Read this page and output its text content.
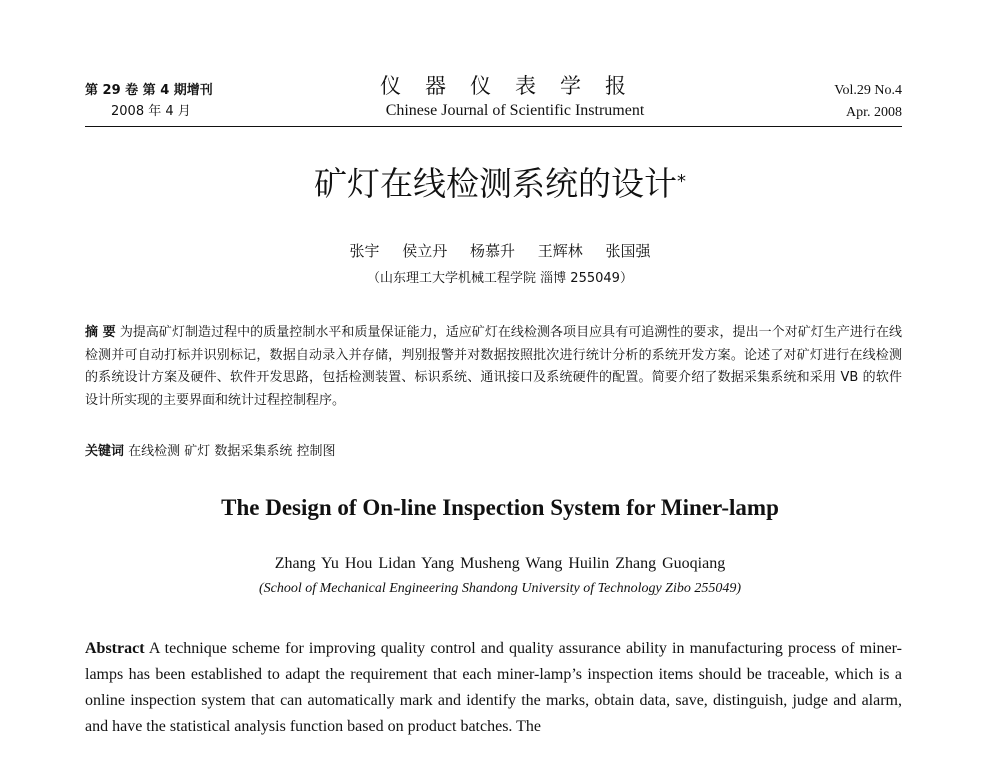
第 29 卷 第 4 期增刊
2008 年 4 月
仪器仪表学报
Chinese Journal of Scientific Instrument
Vol.29 No.4
Apr. 2008
矿灯在线检测系统的设计*
张宇 侯立丹 杨慕升 王辉林 张国强
（山东理工大学机械工程学院 淄博 255049）
摘 要 为提高矿灯制造过程中的质量控制水平和质量保证能力，适应矿灯在线检测各项目应具有可追溯性的要求，提出一个对矿灯生产进行在线检测并可自动打标并识别标记，数据自动录入并存储，判别报警并对数据按照批次进行统计分析的系统开发方案。论述了对矿灯进行在线检测的系统设计方案及硬件、软件开发思路，包括检测装置、标识系统、通讯接口及系统硬件的配置。简要介绍了数据采集系统和采用 VB 的软件设计所实现的主要界面和统计过程控制程序。
关键词 在线检测 矿灯 数据采集系统 控制图
The Design of On-line Inspection System for Miner-lamp
Zhang Yu Hou Lidan Yang Musheng Wang Huilin Zhang Guoqiang
(School of Mechanical Engineering Shandong University of Technology Zibo 255049)
Abstract A technique scheme for improving quality control and quality assurance ability in manufacturing process of miner-lamps has been established to adapt the requirement that each miner-lamp’s inspection items should be traceable, which is a online inspection system that can automatically mark and identify the marks, obtain data, save, distinguish, judge and alarm, and have the statistical analysis function based on product batches. The
